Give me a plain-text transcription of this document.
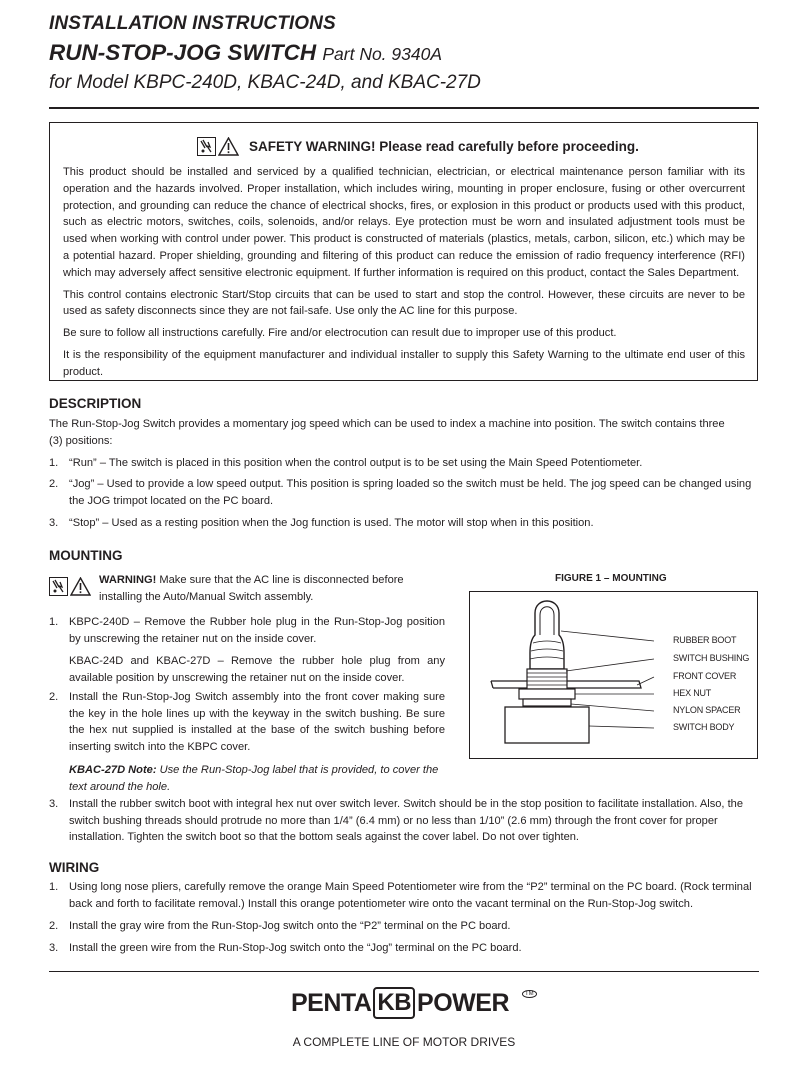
INSTALLATION INSTRUCTIONS
RUN-STOP-JOG SWITCH Part No. 9340A
for Model KBPC-240D, KBAC-24D, and KBAC-27D
SAFETY WARNING! Please read carefully before proceeding.

This product should be installed and serviced by a qualified technician, electrician, or electrical maintenance person familiar with its operation and the hazards involved. Proper installation, which includes wiring, mounting in proper enclosure, fusing or other overcurrent protection, and grounding can reduce the chance of electrical shocks, fires, or explosion in this product or products used with this product, such as electric motors, switches, coils, solenoids, and/or relays. Eye protection must be worn and insulated adjustment tools must be used when working with control under power. This product is constructed of materials (plastics, metals, carbon, silicon, etc.) which may be a potential hazard. Proper shielding, grounding and filtering of this product can reduce the emission of radio frequency interference (RFI) which may adversely affect sensitive electronic equipment. If further information is required on this product, contact the Sales Department.

This control contains electronic Start/Stop circuits that can be used to start and stop the control. However, these circuits are never to be used as safety disconnects since they are not fail-safe. Use only the AC line for this purpose.

Be sure to follow all instructions carefully. Fire and/or electrocution can result due to improper use of this product.

It is the responsibility of the equipment manufacturer and individual installer to supply this Safety Warning to the ultimate end user of this product.

DESCRIPTION
The Run-Stop-Jog Switch provides a momentary jog speed which can be used to index a machine into position. The switch contains three (3) positions:
1. “Run” – The switch is placed in this position when the control output is to be set using the Main Speed Potentiometer.
2. “Jog” – Used to provide a low speed output. This position is spring loaded so the switch must be held. The jog speed can be changed using the JOG trimpot located on the PC board.
3. “Stop” – Used as a resting position when the Jog function is used. The motor will stop when in this position.
MOUNTING
WARNING! Make sure that the AC line is disconnected before installing the Auto/Manual Switch assembly.
1. KBPC-240D – Remove the Rubber hole plug in the Run-Stop-Jog position by unscrewing the retainer nut on the inside cover.

KBAC-24D and KBAC-27D – Remove the rubber hole plug from any available position by unscrewing the retainer nut on the inside cover.

2. Install the Run-Stop-Jog Switch assembly into the front cover making sure the key in the hole lines up with the keyway in the switch bushing. Be sure the hex nut supplied is installed at the base of the switch bushing before inserting switch into the KBPC cover.

KBAC-27D Note: Use the Run-Stop-Jog label that is provided, to cover the text around the hole.

3. Install the rubber switch boot with integral hex nut over switch lever. Switch should be in the stop position to facilitate installation. Also, the switch bushing threads should protrude no more than 1/4” (6.4 mm) or no less than 1/10” (2.6 mm) through the front cover for proper installation. Tighten the switch boot so that the bottom seals against the cover label. Do not over tighten.
FIGURE 1 – MOUNTING
RUBBER BOOT
SWITCH BUSHING
FRONT COVER
HEX NUT
NYLON SPACER
SWITCH BODY
WIRING
1. Using long nose pliers, carefully remove the orange Main Speed Potentiometer wire from the “P2” terminal on the PC board. (Rock terminal back and forth to facilitate removal.) Install this orange potentiometer wire onto the vacant terminal on the Run-Stop-Jog switch.
2. Install the gray wire from the Run-Stop-Jog switch onto the “P2” terminal on the PC board.
3. Install the green wire from the Run-Stop-Jog switch onto the “Jog” terminal on the PC board.
PENTA KB POWER	TM
A COMPLETE LINE OF MOTOR DRIVES
